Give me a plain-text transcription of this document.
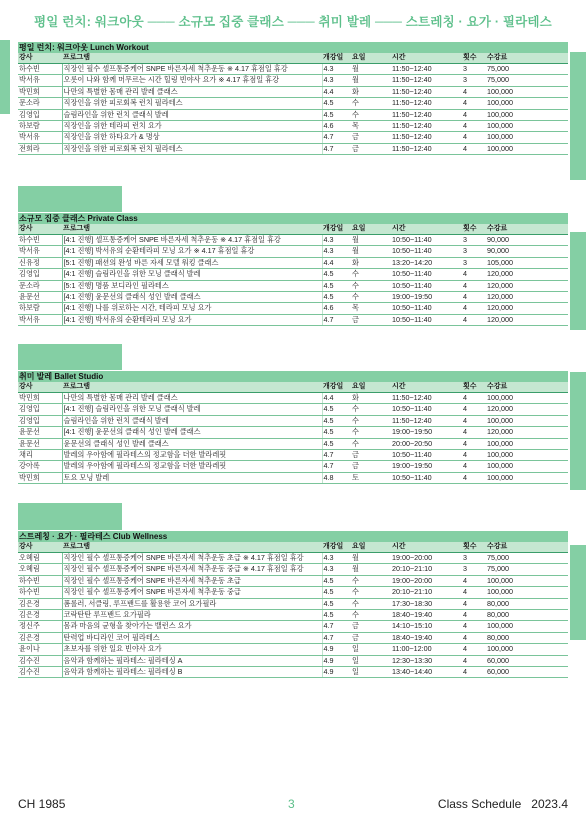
평일 런치: 워크아웃 ─── 소규모 집중 클래스 ─── 취미 발레 ─── 스트레칭 · 요가 · 필라테스
평일 런치: 워크아웃 Lunch Workout
강사	프로그램	개강일	요일	시간	횟수	수강료
하수빈	직장인 필수 셀프통증케어 SNPE 바른자세 척추운동 ※ 4.17 휴점일 휴강	4.3	월	11:50~12:40	3	75,000
박서유	오롯이 나와 함께 머무르는 시간 힐링 빈야사 요가 ※ 4.17 휴점일 휴강	4.3	월	11:50~12:40	3	75,000
박민희	나만의 특별한 몸매 관리 발레 클래스	4.4	화	11:50~12:40	4	100,000
문소라	직장인을 위한 피로회복 런치 필라테스	4.5	수	11:50~12:40	4	100,000
김영입	슬림라인을 위한 런치 클래식 발레	4.5	수	11:50~12:40	4	100,000
하보람	직장인을 위한 테라피 런치 요가	4.6	목	11:50~12:40	4	100,000
박서유	직장인을 위한 하타요가 & 명상	4.7	금	11:50~12:40	4	100,000
전희라	직장인을 위한 피로회복 런치 필라테스	4.7	금	11:50~12:40	4	100,000
소규모 집중 클래스 Private Class
강사	프로그램	개강일	요일	시간	횟수	수강료
하수빈	[4:1 진행] 셀프통증케어 SNPE 바른자세 척추운동 ※ 4.17 휴점일 휴강	4.3	월	10:50~11:40	3	90,000
박서유	[4:1 진행] 박서유의 순환테라피 모닝 요가 ※ 4.17 휴점일 휴강	4.3	월	10:50~11:40	3	90,000
신유정	[5:1 진행] 패션의 완성 바른 자세 모델 워킹 클래스	4.4	화	13:20~14:20	3	105,000
김영입	[4:1 진행] 슬림라인을 위한 모닝 클래식 발레	4.5	수	10:50~11:40	4	120,000
문소라	[5:1 진행] 명품 보디라인 필라테스	4.5	수	10:50~11:40	4	120,000
윤문선	[4:1 진행] 윤문선의 클래식 성인 발레 클래스	4.5	수	19:00~19:50	4	120,000
하보람	[4:1 진행] 나를 위로하는 시간, 테라피 모닝 요가	4.6	목	10:50~11:40	4	120,000
박서유	[4:1 진행] 박서유의 순환테라피 모닝 요가	4.7	금	10:50~11:40	4	120,000
취미 발레 Ballet Studio
강사	프로그램	개강일	요일	시간	횟수	수강료
박민희	나만의 특별한 몸매 관리 발레 클래스	4.4	화	11:50~12:40	4	100,000
김영입	[4:1 진행] 슬림라인을 위한 모닝 클래식 발레	4.5	수	10:50~11:40	4	120,000
김영입	슬림라인을 위한 런치 클래식 발레	4.5	수	11:50~12:40	4	100,000
윤문선	[4:1 진행] 윤문선의 클래식 성인 발레 클래스	4.5	수	19:00~19:50	4	120,000
윤문선	윤문선의 클래식 성인 발레 클래스	4.5	수	20:00~20:50	4	100,000
채리	발레의 우아함에 필라테스의 정교함을 더한 발라레핏	4.7	금	10:50~11:40	4	100,000
강아록	발레의 우아함에 필라테스의 정교함을 더한 발라레핏	4.7	금	19:00~19:50	4	100,000
박민희	토요 모닝 발레	4.8	토	10:50~11:40	4	100,000
스트레칭 · 요가 · 필라테스 Club Wellness
강사	프로그램	개강일	요일	시간	횟수	수강료
오혜림	직장인 필수 셀프통증케어 SNPE 바른자세 척추운동 초급 ※ 4.17 휴점일 휴강	4.3	월	19:00~20:00	3	75,000
오혜림	직장인 필수 셀프통증케어 SNPE 바른자세 척추운동 중급 ※ 4.17 휴점일 휴강	4.3	월	20:10~21:10	3	75,000
하수빈	직장인 필수 셀프통증케어 SNPE 바른자세 척추운동 초급	4.5	수	19:00~20:00	4	100,000
하수빈	직장인 필수 셀프통증케어 SNPE 바른자세 척추운동 중급	4.5	수	20:10~21:10	4	100,000
김은경	폼롤러, 서클링, 루프밴드를 활용한 코어 요가필라	4.5	수	17:30~18:30	4	80,000
김은경	코락탄탄 루프밴드 요가필라	4.5	수	18:40~19:40	4	80,000
정신주	몸과 마음의 균형을 찾아가는 밸런스 요가	4.7	금	14:10~15:10	4	100,000
김은경	탄력업 바디라인 코어 필라테스	4.7	금	18:40~19:40	4	80,000
윤이나	초보자를 위한 일요 빈야사 요가	4.9	일	11:00~12:00	4	100,000
김수진	음악과 함께하는 필라테스: 필라테싱 A	4.9	일	12:30~13:30	4	60,000
김수진	음악과 함께하는 필라테스: 필라테싱 B	4.9	일	13:40~14:40	4	60,000
CH 1985	3	Class Schedule   2023.4
